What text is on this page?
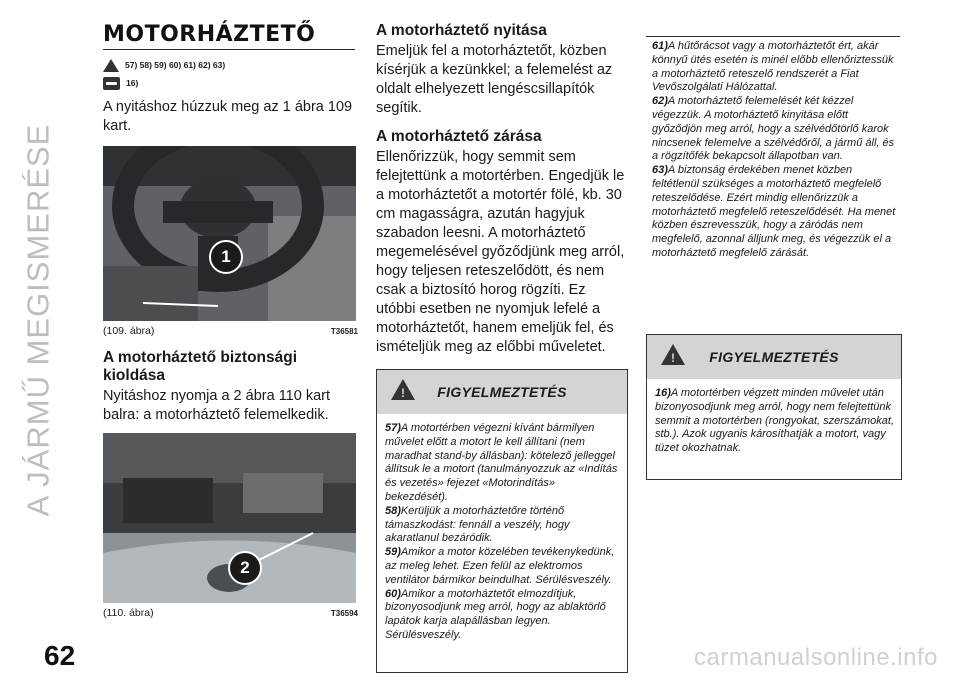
A JÁRMŰ MEGISMERÉSE
MOTORHÁZTETŐ
57) 58) 59) 60) 61) 62) 63)
16)

A nyitáshoz húzzuk meg az 1 ábra 109 kart.

1
(109. ábra)	T36581
A motorháztető biztonsági kioldása

Nyitáshoz nyomja a 2 ábra 110 kart balra: a motorháztető felemelkedik.

2
(110. ábra)	T36594
A motorháztető nyitása

Emeljük fel a motorháztetőt, közben kísérjük a kezünkkel; a felemelést az oldalt elhelyezett lengéscsillapítók segítik.

A motorháztető zárása

Ellenőrizzük, hogy semmit sem felejtettünk a motortérben. Engedjük le a motorháztetőt a motortér fölé, kb. 30 cm magasságra, azután hagyjuk szabadon leesni. A motorháztető megemelésével győződjünk meg arról, hogy teljesen reteszelődött, és nem csak a biztosító horog rögzíti. Ez utóbbi esetben ne nyomjuk lefelé a motorháztetőt, hanem emeljük fel, és ismételjük meg az előbbi műveletet.

! FIGYELMEZTETÉS

57)A motortérben végezni kívánt bármilyen művelet előtt a motort le kell állítani (nem maradhat stand-by állásban): kötelező jelleggel állítsuk le a motort (tanulmányozzuk az «Indítás és vezetés» fejezet «Motorindítás» bekezdését).

58)Kerüljük a motorháztetőre történő támaszkodást: fennáll a veszély, hogy akaratlanul bezáródik.

59)Amikor a motor közelében tevékenykedünk, az meleg lehet. Ezen felül az elektromos ventilátor bármikor beindulhat. Sérülésveszély.

60)Amikor a motorháztetőt elmozdítjuk, bizonyosodjunk meg arról, hogy az ablaktörlő lapátok karja alapállásban legyen. Sérülésveszély.

61)A hűtőrácsot vagy a motorháztetőt ért, akár könnyű ütés esetén is minél előbb ellenőriztessük a motorháztető reteszelő rendszerét a Fiat Vevőszolgálati Hálózattal.

62)A motorháztető felemelését két kézzel végezzük. A motorháztető kinyitása előtt győződjön meg arról, hogy a szélvédőtörlő karok nincsenek felemelve a szélvédőről, a jármű áll, és a rögzítőfék bekapcsolt állapotban van.

63)A biztonság érdekében menet közben feltétlenül szükséges a motorháztető megfelelő reteszelődése. Ezért mindig ellenőrizzük a motorháztető megfelelő reteszelődését. Ha menet közben észrevesszük, hogy a záródás nem megfelelő, azonnal álljunk meg, és végezzük el a motorháztető megfelelő zárását.

! FIGYELMEZTETÉS

16)A motortérben végzett minden művelet után bizonyosodjunk meg arról, hogy nem felejtettünk semmit a motortérben (rongyokat, szerszámokat, stb.). Azok ugyanis károsíthatják a motort, vagy tüzet okozhatnak.

62	carmanualsonline.info
